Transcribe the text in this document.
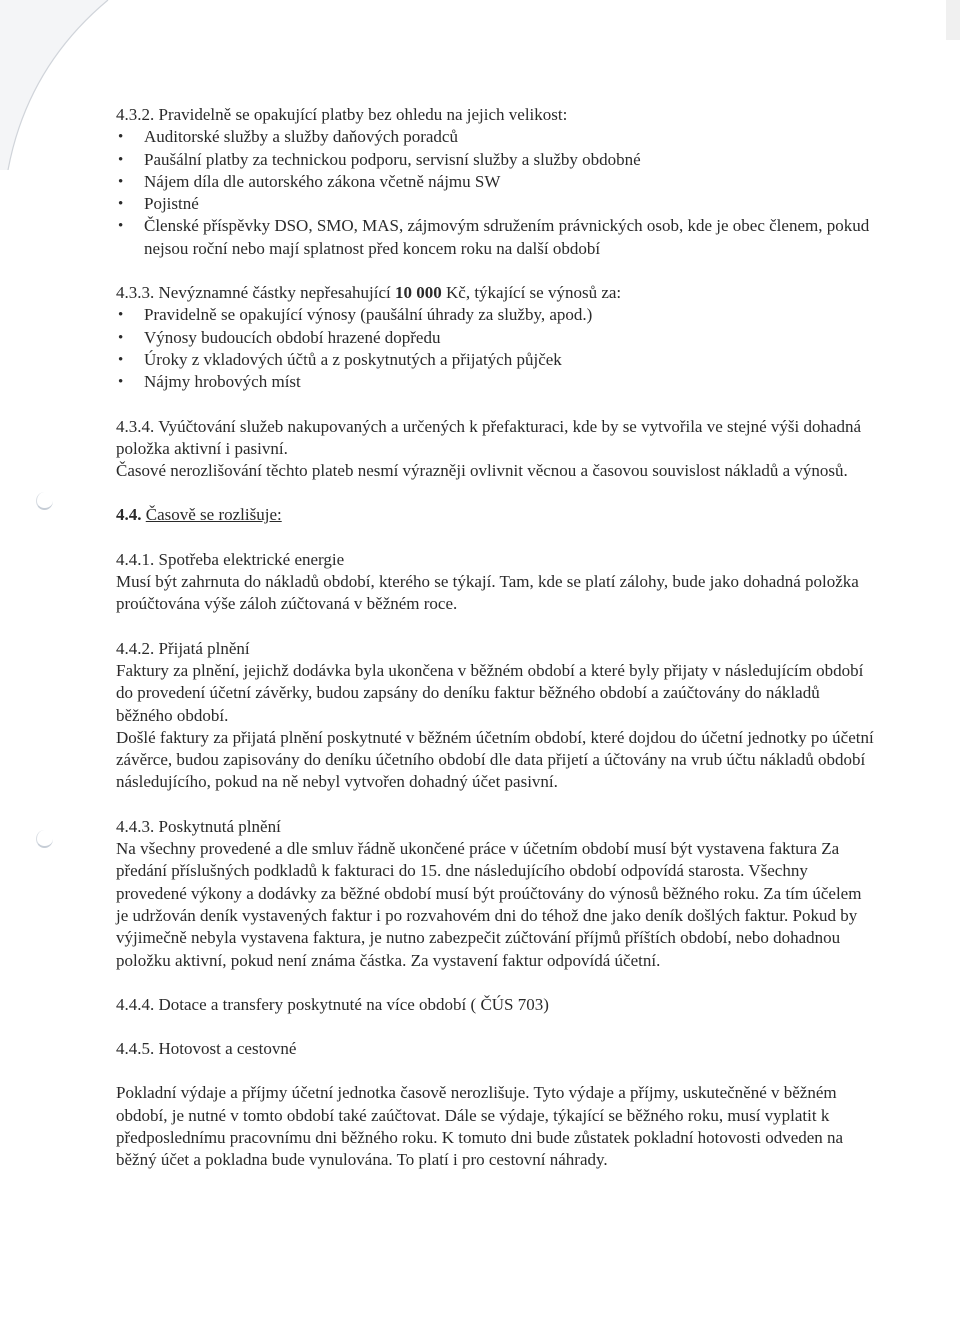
4.3.2. Pravidelně se opakující platby bez ohledu na jejich velikost:

• Auditorské služby a služby daňových poradců
• Paušální platby za technickou podporu, servisní služby a služby obdobné
• Nájem díla dle autorského zákona včetně nájmu SW
• Pojistné
• Členské příspěvky DSO, SMO, MAS, zájmovým sdružením právnických osob, kde je obec členem, pokud nejsou roční nebo mají splatnost před koncem roku na další období

4.3.3. Nevýznamné částky nepřesahující 10 000 Kč, týkající se výnosů za:

• Pravidelně se opakující výnosy (paušální úhrady za služby, apod.)
• Výnosy budoucích období hrazené dopředu
• Úroky z vkladových účtů a z poskytnutých a přijatých půjček
• Nájmy hrobových míst

4.3.4. Vyúčtování služeb nakupovaných a určených k přefakturaci, kde by se vytvořila ve stejné výši dohadná položka aktivní i pasivní.

Časové nerozlišování těchto plateb nesmí výrazněji ovlivnit věcnou a časovou souvislost nákladů a výnosů.

4.4. Časově se rozlišuje:

4.4.1. Spotřeba elektrické energie

Musí být zahrnuta do nákladů období, kterého se týkají. Tam, kde se platí zálohy, bude jako dohadná položka proúčtována výše záloh zúčtovaná v běžném roce.

4.4.2. Přijatá plnění

Faktury za plnění, jejichž dodávka byla ukončena v běžném období a které byly přijaty v následujícím období do provedení účetní závěrky, budou zapsány do deníku faktur běžného období a zaúčtovány do nákladů běžného období.

Došlé faktury za přijatá plnění poskytnuté v běžném účetním období, které dojdou do účetní jednotky po účetní závěrce, budou zapisovány do deníku účetního období dle data přijetí a účtovány na vrub účtu nákladů období následujícího, pokud na ně nebyl vytvořen dohadný účet pasivní.

4.4.3. Poskytnutá plnění

Na všechny provedené a dle smluv řádně ukončené práce v účetním období musí být vystavena faktura Za předání příslušných podkladů k fakturaci do 15. dne následujícího období odpovídá starosta. Všechny provedené výkony a dodávky za běžné období musí být proúčtovány do výnosů běžného roku. Za tím účelem je udržován deník vystavených faktur i po rozvahovém dni do téhož dne jako deník došlých faktur. Pokud by výjimečně nebyla vystavena faktura, je nutno zabezpečit zúčtování příjmů příštích období, nebo dohadnou položku aktivní, pokud není známa částka. Za vystavení faktur odpovídá účetní.

4.4.4. Dotace a transfery poskytnuté na více období ( ČÚS 703)

4.4.5. Hotovost a cestovné

Pokladní výdaje a příjmy účetní jednotka časově nerozlišuje. Tyto výdaje a příjmy, uskutečněné v běžném období, je nutné v tomto období také zaúčtovat. Dále se výdaje, týkající se běžného roku, musí vyplatit k předposlednímu pracovnímu dni běžného roku. K tomuto dni bude zůstatek pokladní hotovosti odveden na běžný účet a pokladna bude vynulována. To platí i pro cestovní náhrady.
